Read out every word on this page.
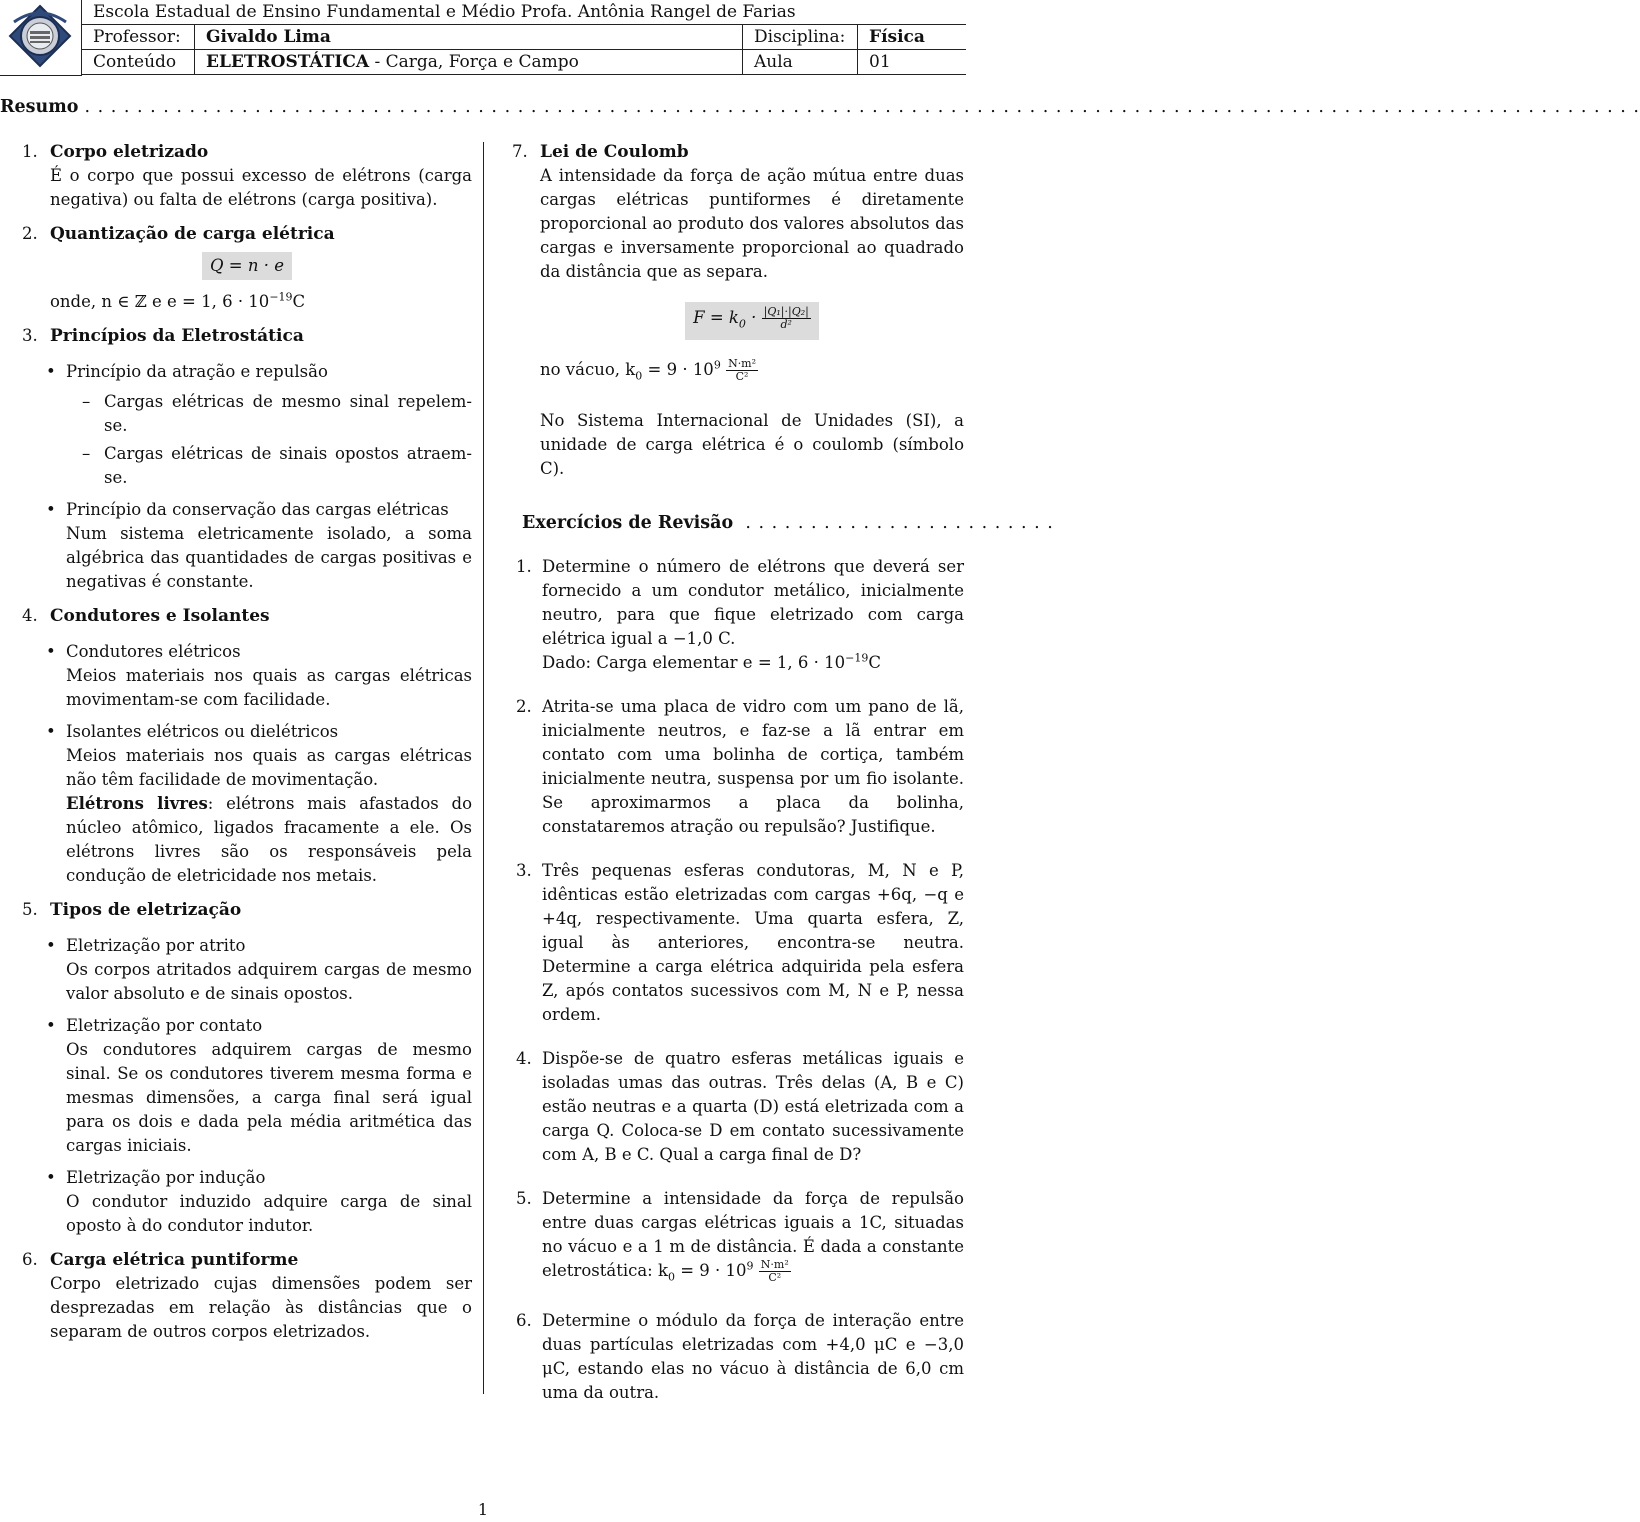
Escola Estadual de Ensino Fundamental e Médio Profa. Antônia Rangel de Farias			
Professor:	Givaldo Lima	Disciplina:	Física
Conteúdo	ELETROSTÁTICA - Carga, Força e Campo	Aula	01
Resumo . . . . . . . . . . . . . . . . . . . . . . . . . . . . . . . . . . . . . . . . . . . . . . . . . . . . . . . . . . . . . . . . . . . . . . . . . . . . . . . . . . . . . . . . . . . . . . . . . . . . . . . . . . . . . . . . . . . . . . .
1. Corpo eletrizado

É o corpo que possui excesso de elétrons (carga negativa) ou falta de elétrons (carga positiva).

2. Quantização de carga elétrica
Q = n · e

onde, n ∈ ℤ e e = 1, $6 \cdot 10^{-19}C$

3. Princípios da Eletrostática
• Princípio da atração e repulsão
– Cargas elétricas de mesmo sinal repelem-se.
– Cargas elétricas de sinais opostos atraem-se.
• Princípio da conservação das cargas elétricas
Num sistema eletricamente isolado, a soma algébrica das quantidades de cargas positivas e negativas é constante.
4. Condutores e Isolantes
• Condutores elétricos
Meios materiais nos quais as cargas elétricas movimentam-se com facilidade.
• Isolantes elétricos ou dielétricos
Meios materiais nos quais as cargas elétricas não têm facilidade de movimentação.
Elétrons livres: elétrons mais afastados do núcleo atômico, ligados fracamente a ele. Os elétrons livres são os responsáveis pela condução de eletricidade nos metais.
5. Tipos de eletrização
• Eletrização por atrito
Os corpos atritados adquirem cargas de mesmo valor absoluto e de sinais opostos.
• Eletrização por contato
Os condutores adquirem cargas de mesmo sinal. Se os condutores tiverem mesma forma e mesmas dimensões, a carga final será igual para os dois e dada pela média aritmética das cargas iniciais.
• Eletrização por indução
O condutor induzido adquire carga de sinal oposto à do condutor indutor.
6. Carga elétrica puntiforme

Corpo eletrizado cujas dimensões podem ser desprezadas em relação às distâncias que o separam de outros corpos eletrizados.

7. Lei de Coulomb

A intensidade da força de ação mútua entre duas cargas elétricas puntiformes é diretamente proporcional ao produto dos valores absolutos das cargas e inversamente proporcional ao quadrado da distância que as separa.

$F = k_0 \cdot \frac{\text{|Q₁|·|Q₂|}}{\text{d²}}$

no vácuo, $k_0 = 9 \cdot 10^9 \frac{\text{N·m²}}{\text{C²}}$

No Sistema Internacional de Unidades (SI), a unidade de carga elétrica é o coulomb (símbolo C).

Exercícios de Revisão . . . . . . . . . . . . . . . . . . . . . . . .
1. Determine o número de elétrons que deverá ser fornecido a um condutor metálico, inicialmente neutro, para que fique eletrizado com carga elétrica igual a −1,0 C.
Dado: Carga elementar e = 1, $6 \cdot 10^{-19}C$
2. Atrita-se uma placa de vidro com um pano de lã, inicialmente neutros, e faz-se a lã entrar em contato com uma bolinha de cortiça, também inicialmente neutra, suspensa por um fio isolante. Se aproximarmos a placa da bolinha, constataremos atração ou repulsão? Justifique.
3. Três pequenas esferas condutoras, M, N e P, idênticas estão eletrizadas com cargas +6q, −q e +4q, respectivamente. Uma quarta esfera, Z, igual às anteriores, encontra-se neutra. Determine a carga elétrica adquirida pela esfera Z, após contatos sucessivos com M, N e P, nessa ordem.
4. Dispõe-se de quatro esferas metálicas iguais e isoladas umas das outras. Três delas (A, B e C) estão neutras e a quarta (D) está eletrizada com a carga Q. Coloca-se D em contato sucessivamente com A, B e C. Qual a carga final de D?
5. Determine a intensidade da força de repulsão entre duas cargas elétricas iguais a 1C, situadas no vácuo e a 1 m de distância. É dada a constante eletrostática: $k_0 = 9 \cdot 10^9 \frac{\text{N·m²}}{\text{C²}}$
6. Determine o módulo da força de interação entre duas partículas eletrizadas com +4,0 μC e −3,0 μC, estando elas no vácuo à distância de 6,0 cm uma da outra.
1
